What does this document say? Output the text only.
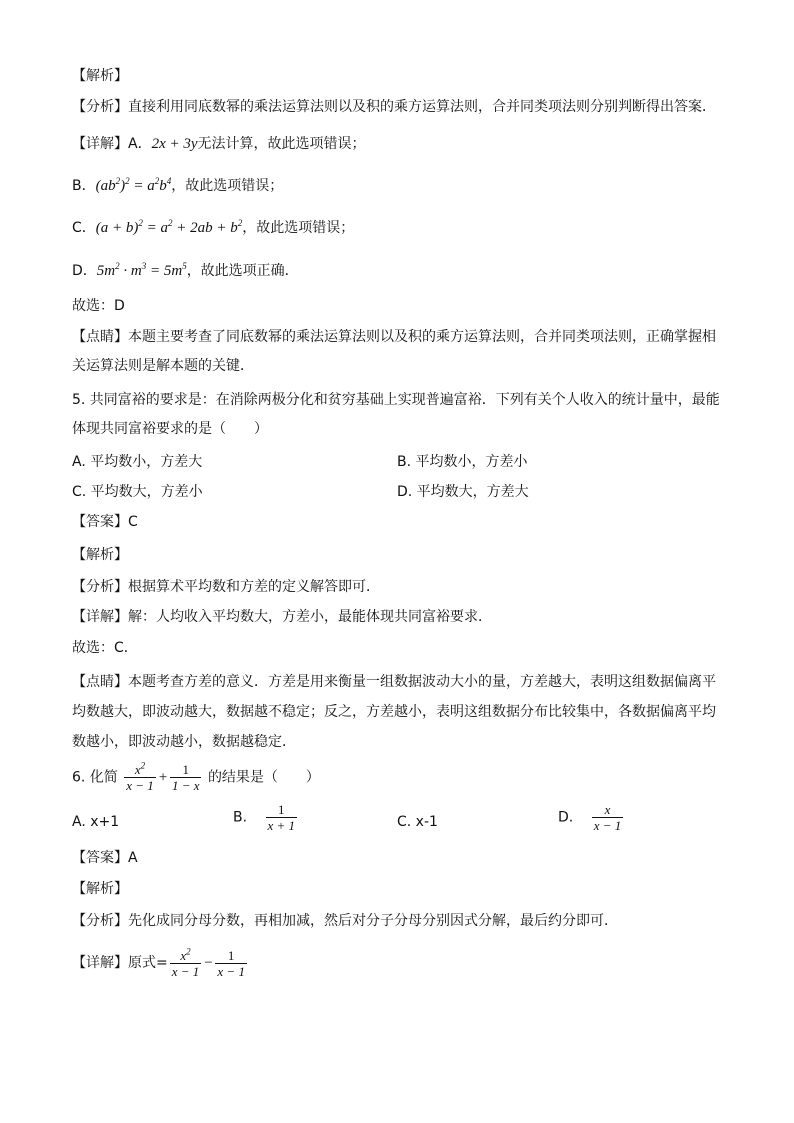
【解析】
【分析】直接利用同底数幂的乘法运算法则以及积的乘方运算法则，合并同类项法则分别判断得出答案．
【详解】A．2x + 3y无法计算，故此选项错误；
B．$(ab^2)^2 = a^2b^4$，故此选项错误；
C．$(a + b)^2 = a^2 + 2ab + b^2$，故此选项错误；
D．$5m^2 \cdot m^3 = 5m^5$，故此选项正确．
故选：D
【点睛】本题主要考查了同底数幂的乘法运算法则以及积的乘方运算法则，合并同类项法则，正确掌握相
关运算法则是解本题的关键．
5. 共同富裕的要求是：在消除两极分化和贫穷基础上实现普遍富裕．下列有关个人收入的统计量中，最能
体现共同富裕要求的是（　　）
A. 平均数小，方差大	B. 平均数小，方差小
C. 平均数大，方差小	D. 平均数大，方差大
【答案】C
【解析】
【分析】根据算术平均数和方差的定义解答即可．
【详解】解：人均收入平均数大，方差小，最能体现共同富裕要求．
故选：C．
【点睛】本题考查方差的意义．方差是用来衡量一组数据波动大小的量，方差越大，表明这组数据偏离平
均数越大，即波动越大，数据越不稳定；反之，方差越小，表明这组数据分布比较集中，各数据偏离平均
数越小，即波动越小，数据越稳定．
6. 化简 $\frac{x^2}{x - 1} + \frac{1}{1 - x}$ 的结果是（　　）
A. x+1	B. $\frac{1}{x + 1}$	C. x-1	D. $\frac{x}{x - 1}$
【答案】A
【解析】
【分析】先化成同分母分数，再相加减，然后对分子分母分别因式分解，最后约分即可．
【详解】原式= $\frac{x^2}{x - 1} - \frac{1}{x - 1}$
